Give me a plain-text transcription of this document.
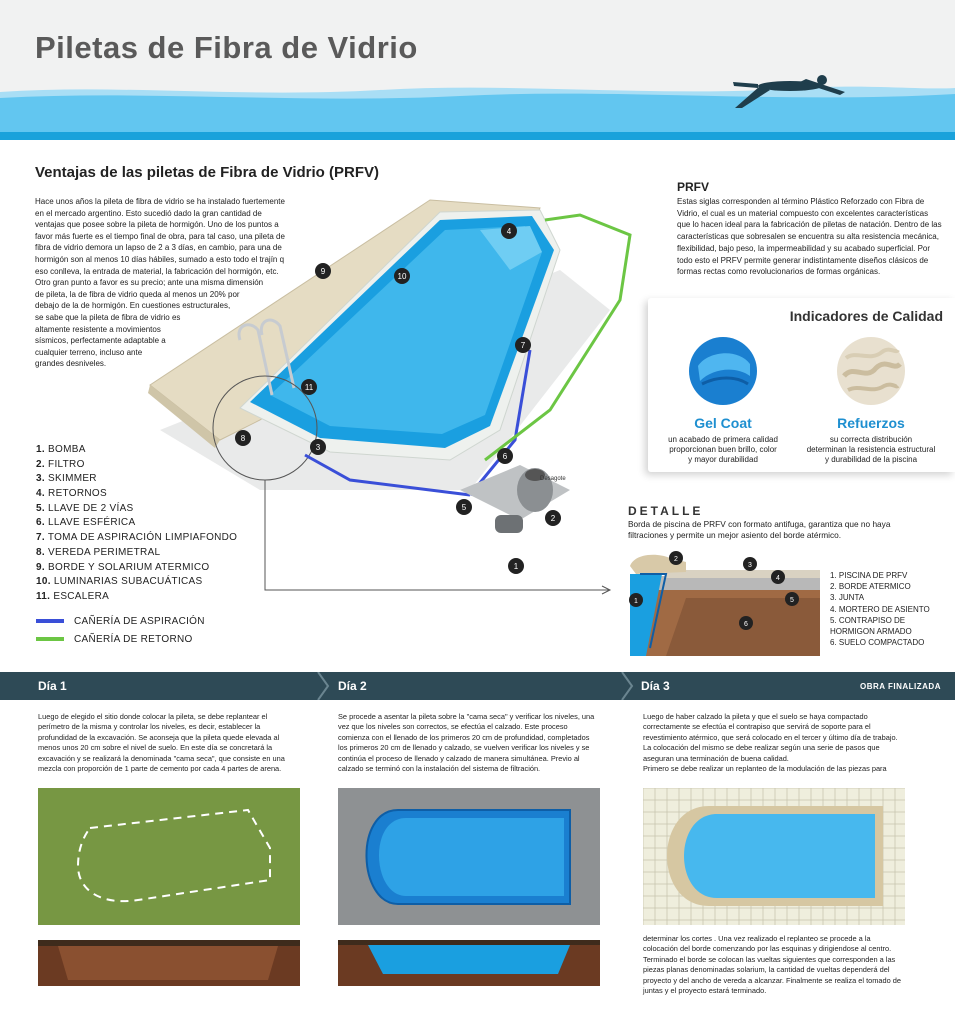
Piletas de Fibra de Vidrio
Ventajas de las piletas de Fibra de Vidrio (PRFV)
Hace unos años la pileta de fibra de vidrio se ha instalado fuertemente
en el mercado argentino. Esto sucedió dado la gran cantidad de
ventajas que posee sobre la pileta de hormigón. Uno de los puntos a
favor más fuerte es el tiempo final de obra, para tal caso, una pileta de
fibra de vidrio demora un lapso de 2 a 3 días, en cambio, para una de
hormigón son al menos 10 días hábiles, sumado a esto todo el trajín q
eso conlleva, la entrada de material, la fabricación del hormigón, etc.
Otro gran punto a favor es su precio; ante una misma dimensión
de pileta, la de fibra de vidrio queda al menos un 20% por
debajo de la de hormigón. En cuestiones estructurales,
se sabe que la pileta de fibra de vidrio es
altamente resistente a movimientos
sísmicos, perfectamente adaptable a
cualquier terreno, incluso ante
grandes desniveles.
Desagote
1
2
3
4
5
6
7
8
9
10
11
1. BOMBA
2. FILTRO
3. SKIMMER
4. RETORNOS
5. LLAVE DE 2 VÍAS
6. LLAVE ESFÉRICA
7. TOMA DE ASPIRACIÓN LIMPIAFONDO
8. VEREDA PERIMETRAL
9. BORDE Y SOLARIUM ATERMICO
10. LUMINARIAS SUBACUÁTICAS
11. ESCALERA
CAÑERÍA DE ASPIRACIÓN
CAÑERÍA DE RETORNO
PRFV
Estas siglas corresponden al término Plástico Reforzado con Fibra de
Vidrio, el cual es un material compuesto con excelentes características
que lo hacen ideal para la fabricación de piletas de natación. Dentro de las
características que sobresalen se encuentra su alta resistencia mecánica,
flexibilidad, bajo peso, la impermeabilidad y su acabado superficial. Por
todo esto el PRFV permite generar indistintamente diseños clásicos de
formas rectas como revolucionarios de formas orgánicas.
Indicadores de Calidad
Gel Coat
un acabado de primera calidad
proporcionan buen brillo, color
y mayor durabilidad
Refuerzos
su correcta distribución
determinan la resistencia estructural
y durabilidad de la piscina
DETALLE
Borda de piscina de PRFV con formato antifuga, garantiza que no haya
filtraciones y permite un mejor asiento del borde atérmico.
1
2
3
4
5
6
1. PISCINA DE PRFV
2. BORDE ATERMICO
3. JUNTA
4. MORTERO DE ASIENTO
5. CONTRAPISO DE
HORMIGON ARMADO
6. SUELO COMPACTADO
Día 1	Día 2	Día 3	OBRA FINALIZADA
Luego de elegido el sitio donde colocar la pileta, se debe replantear el
perímetro de la misma y controlar los niveles, es decir, establecer la
profundidad de la excavación. Se aconseja que la pileta quede elevada al
menos unos 20 cm sobre el nivel de suelo. En este día se concretará la
excavación y se realizará la denominada "cama seca", que consiste en una
mezcla con proporción de 1 parte de cemento por cada 4 partes de arena.
Se procede a asentar la pileta sobre la "cama seca" y verificar los niveles, una
vez que los niveles son correctos, se efectúa el calzado. Este proceso
comienza con el llenado de los primeros 20 cm de profundidad, completados
los primeros 20 cm de llenado y calzado, se vuelven verificar los niveles y se
continúa el proceso de llenado y calzado de manera simultánea. Previo al
calzado se terminó con la instalación del sistema de filtración.
Luego de haber calzado la pileta y que el suelo se haya compactado
correctamente se efectúa el contrapiso que servirá de soporte para el
revestimiento atérmico, que será colocado en el tercer y último día de trabajo.
La colocación del mismo se debe realizar según una serie de pasos que
aseguran una terminación de buena calidad.
Primero se debe realizar un replanteo de la modulación de las piezas para
determinar los cortes . Una vez realizado el replanteo se procede a la
colocación del borde comenzando por las esquinas y dirigiendose al centro.
Terminado el borde se colocan las vueltas siguientes que corresponden a las
piezas planas denominadas solarium, la cantidad de vueltas dependerá del
proyecto y del ancho de vereda a alcanzar. Finalmente se realiza el tomado de
juntas y el proyecto estará terminado.
